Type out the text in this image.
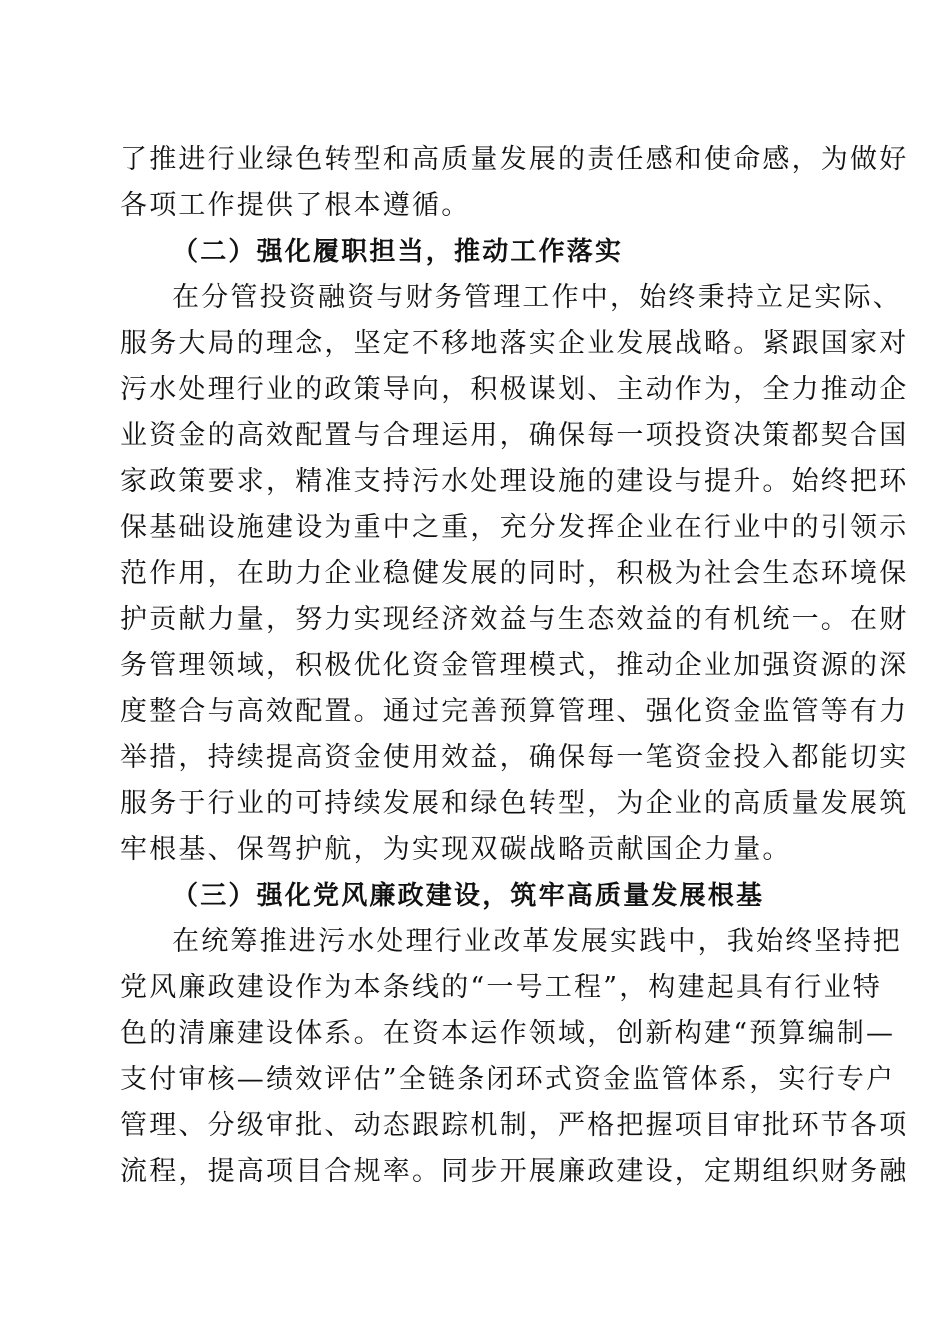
了推进行业绿色转型和高质量发展的责任感和使命感，为做好
各项工作提供了根本遵循。
（二）强化履职担当，推动工作落实
在分管投资融资与财务管理工作中，始终秉持立足实际、
服务大局的理念，坚定不移地落实企业发展战略。紧跟国家对
污水处理行业的政策导向，积极谋划、主动作为，全力推动企
业资金的高效配置与合理运用，确保每一项投资决策都契合国
家政策要求，精准支持污水处理设施的建设与提升。始终把环
保基础设施建设为重中之重，充分发挥企业在行业中的引领示
范作用，在助力企业稳健发展的同时，积极为社会生态环境保
护贡献力量，努力实现经济效益与生态效益的有机统一。在财
务管理领域，积极优化资金管理模式，推动企业加强资源的深
度整合与高效配置。通过完善预算管理、强化资金监管等有力
举措，持续提高资金使用效益，确保每一笔资金投入都能切实
服务于行业的可持续发展和绿色转型，为企业的高质量发展筑
牢根基、保驾护航，为实现双碳战略贡献国企力量。
（三）强化党风廉政建设，筑牢高质量发展根基
在统筹推进污水处理行业改革发展实践中，我始终坚持把
党风廉政建设作为本条线的“一号工程”，构建起具有行业特
色的清廉建设体系。在资本运作领域，创新构建“预算编制—
支付审核—绩效评估”全链条闭环式资金监管体系，实行专户
管理、分级审批、动态跟踪机制，严格把握项目审批环节各项
流程，提高项目合规率。同步开展廉政建设，定期组织财务融
